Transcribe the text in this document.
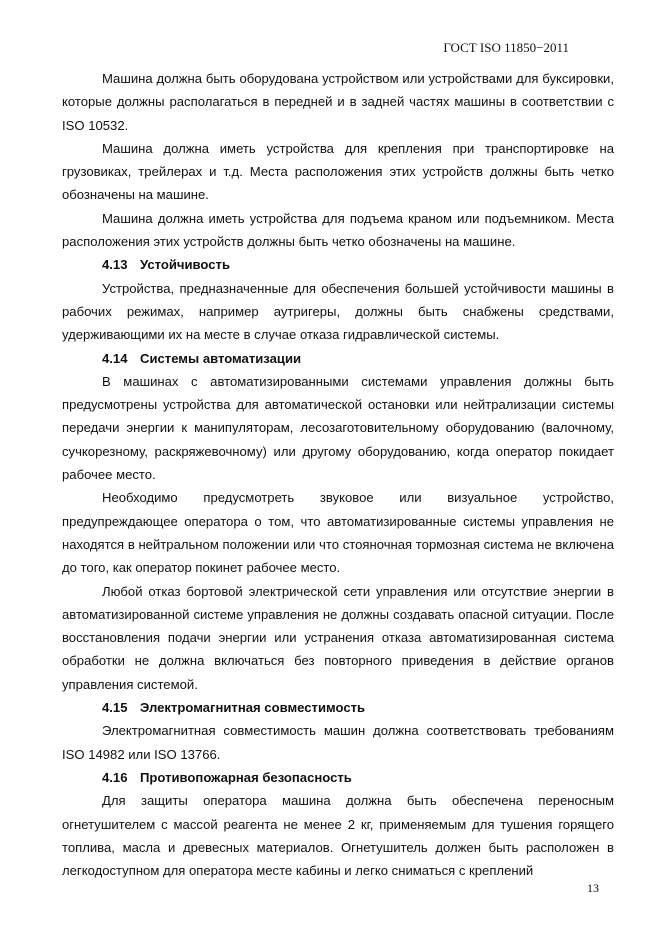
ГОСТ ISO 11850−2011

Машина должна быть оборудована устройством или устройствами для буксировки, которые должны располагаться в передней и в задней частях машины в соответствии с ISO 10532.

Машина должна иметь устройства для крепления при транспортировке на грузовиках, трейлерах и т.д. Места расположения этих устройств должны быть четко обозначены на машине.

Машина должна иметь устройства для подъема краном или подъемником. Места расположения этих устройств должны быть четко обозначены на машине.

4.13 Устойчивость

Устройства, предназначенные для обеспечения большей устойчивости машины в рабочих режимах, например аутригеры, должны быть снабжены средствами, удерживающими их на месте в случае отказа гидравлической системы.

4.14 Системы автоматизации

В машинах с автоматизированными системами управления должны быть предусмотрены устройства для автоматической остановки или нейтрализации системы передачи энергии к манипуляторам, лесозаготовительному оборудованию (валочному, сучкорезному, раскряжевочному) или другому оборудованию, когда оператор покидает рабочее место.

Необходимо предусмотреть звуковое или визуальное устройство, предупреждающее оператора о том, что автоматизированные системы управления не находятся в нейтральном положении или что стояночная тормозная система не включена до того, как оператор покинет рабочее место.

Любой отказ бортовой электрической сети управления или отсутствие энергии в автоматизированной системе управления не должны создавать опасной ситуации. После восстановления подачи энергии или устранения отказа автоматизированная система обработки не должна включаться без повторного приведения в действие органов управления системой.

4.15 Электромагнитная совместимость

Электромагнитная совместимость машин должна соответствовать требованиям ISO 14982 или ISO 13766.

4.16 Противопожарная безопасность

Для защиты оператора машина должна быть обеспечена переносным огнетушителем с массой реагента не менее 2 кг, применяемым для тушения горящего топлива, масла и древесных материалов. Огнетушитель должен быть расположен в легкодоступном для оператора месте кабины и легко сниматься с креплений

13
